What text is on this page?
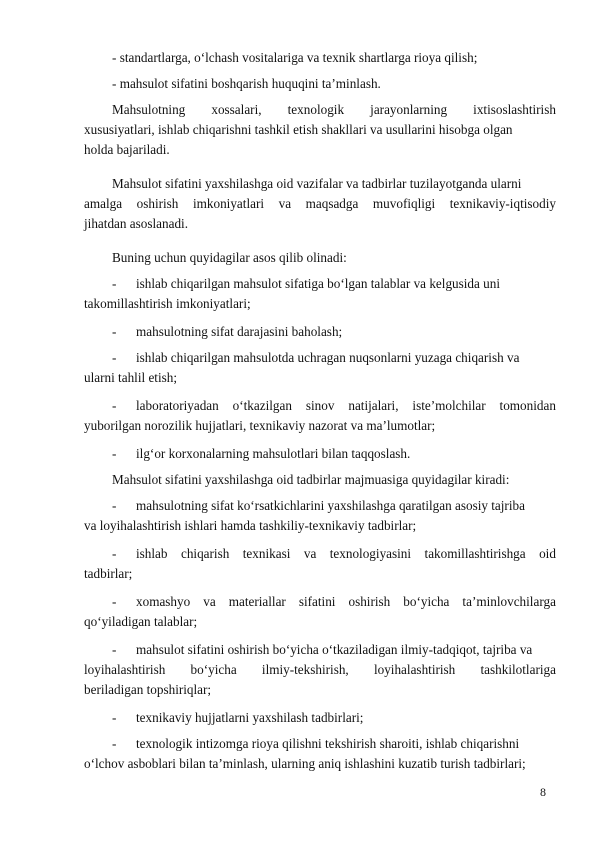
- standartlarga, o‘lchash vositalariga va texnik shartlarga rioya qilish;
- mahsulot sifatini boshqarish huquqini ta’minlash.
Mahsulotning xossalari, texnologik jarayonlarning ixtisoslashtirish
xususiyatlari, ishlab chiqarishni tashkil etish shakllari va usullarini hisobga olgan
holda bajariladi.
Mahsulot sifatini yaxshilashga oid vazifalar va tadbirlar tuzilayotganda ularni
amalga oshirish imkoniyatlari va maqsadga muvofiqligi texnikaviy-iqtisodiy
jihatdan asoslanadi.
Buning uchun quyidagilar asos qilib olinadi:
- ishlab chiqarilgan mahsulot sifatiga bo‘lgan talablar va kelgusida uni
takomillashtirish imkoniyatlari;
- mahsulotning sifat darajasini baholash;
- ishlab chiqarilgan mahsulotda uchragan nuqsonlarni yuzaga chiqarish va
ularni tahlil etish;
- laboratoriyadan o‘tkazilgan sinov natijalari, iste’molchilar tomonidan
yuborilgan norozilik hujjatlari, texnikaviy nazorat va ma’lumotlar;
- ilg‘or korxonalarning mahsulotlari bilan taqqoslash.
Mahsulot sifatini yaxshilashga oid tadbirlar majmuasiga quyidagilar kiradi:
- mahsulotning sifat ko‘rsatkichlarini yaxshilashga qaratilgan asosiy tajriba
va loyihalashtirish ishlari hamda tashkiliy-texnikaviy tadbirlar;
- ishlab chiqarish texnikasi va texnologiyasini takomillashtirishga oid
tadbirlar;
- xomashyo va materiallar sifatini oshirish bo‘yicha ta’minlovchilarga
qo‘yiladigan talablar;
- mahsulot sifatini oshirish bo‘yicha o‘tkaziladigan ilmiy-tadqiqot, tajriba va
loyihalashtirish bo‘yicha ilmiy-tekshirish, loyihalashtirish tashkilotlariga
beriladigan topshiriqlar;
- texnikaviy hujjatlarni yaxshilash tadbirlari;
- texnologik intizomga rioya qilishni tekshirish sharoiti, ishlab chiqarishni
o‘lchov asboblari bilan ta’minlash, ularning aniq ishlashini kuzatib turish tadbirlari;
8
